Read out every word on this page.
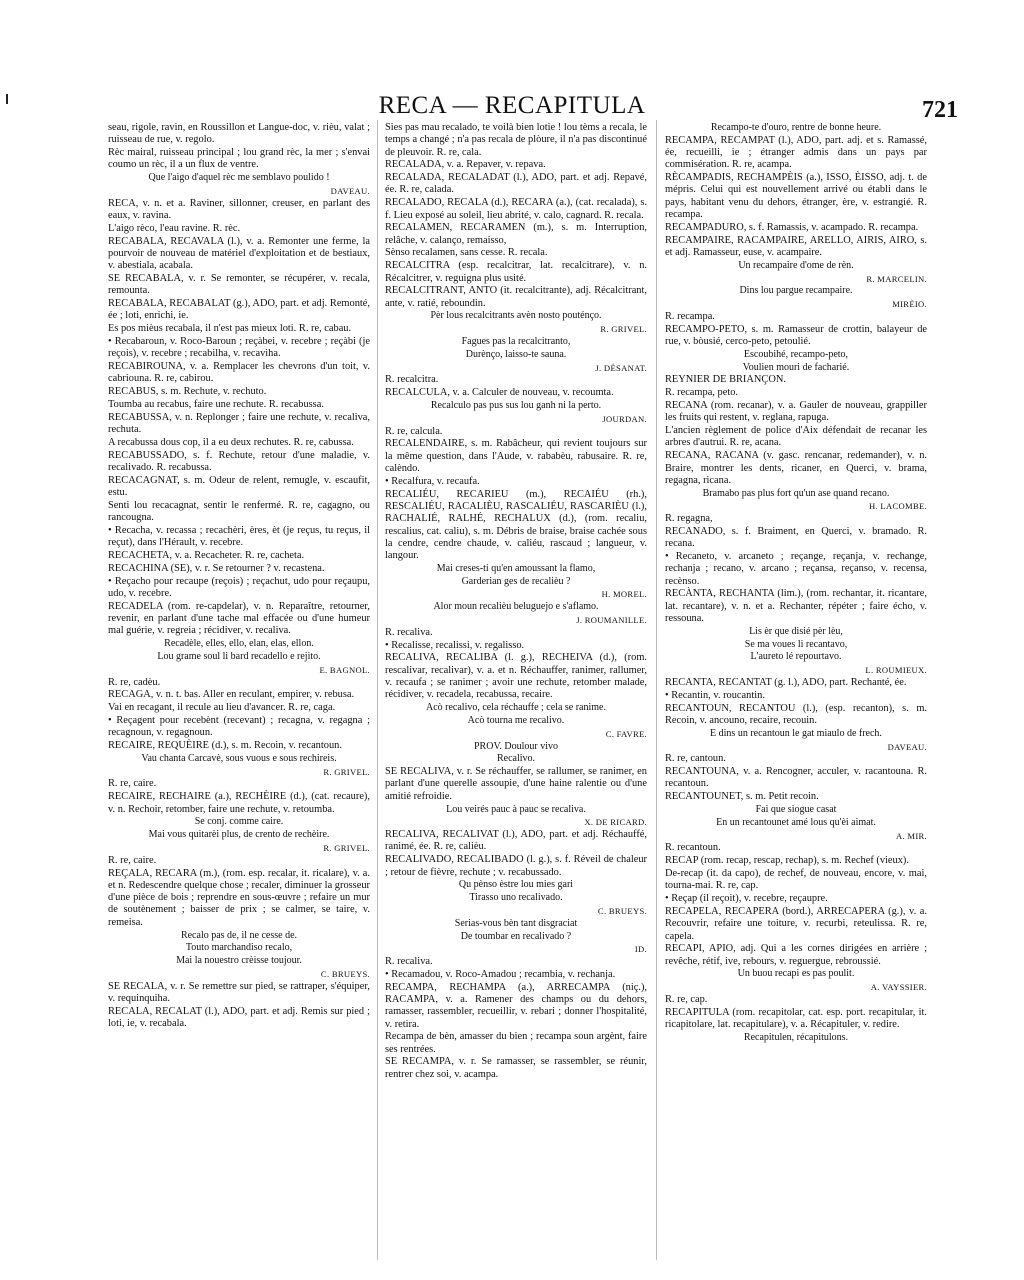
RECA — RECAPITULA	721
seau, rigole, ravin, en Roussillon et Langue-doc, v. rièu, valat ; ruisseau de rue, v. regolo.
Rèc mairal, ruisseau principal ; lou grand rèc, la mer ; s'envai coumo un rèc, il a un flux de ventre.
Que l'aigo d'aquel rèc me semblavo poulido !
DAVEAU.
RECA, v. n. et a. Raviner, sillonner, creuser, en parlant des eaux, v. ravina.
L'aigo rèco, l'eau ravine. R. rèc.
RECABALA, RECAVALA (l.), v. a. Remonter une ferme, la pourvoir de nouveau de matériel d'exploitation et de bestiaux, v. abestiala, acabala.
SE RECABALA, v. r. Se remonter, se récupérer, v. recala, remounta.
RECABALA, RECABALAT (g.), ADO, part. et adj. Remonté, ée ; loti, enrichi, ie.
Es pos mièus recabala, il n'est pas mieux loti. R. re, cabau.
• Recabaroun, v. Roco-Baroun ; reçàbei, v. recebre ; reçàbi (je reçois), v. recebre ; recabilha, v. recaviha.
RECABIROUNA, v. a. Remplacer les chevrons d'un toit, v. cabriouna. R. re, cabirou.
RECABUS, s. m. Rechute, v. rechuto.
Toumba au recabus, faire une rechute. R. recabussa.
RECABUSSA, v. n. Replonger ; faire une rechute, v. recaliva, rechuta.
A recabussa dous cop, il a eu deux rechutes. R. re, cabussa.
RECABUSSADO, s. f. Rechute, retour d'une maladie, v. recalivado. R. recabussa.
RECACAGNAT, s. m. Odeur de relent, remugle, v. escaufit, estu.
Senti lou recacagnat, sentir le renfermé. R. re, cagagno, ou rancougna.
• Recacha, v. recassa ; recachèri, ères, èt (je reçus, tu reçus, il reçut), dans l'Hérault, v. recebre.
RECACHETA, v. a. Recacheter. R. re, cacheta.
RECACHINA (SE), v. r. Se retourner ? v. recastena.
• Reçacho pour recaupe (reçois) ; reçachut, udo pour reçaupu, udo, v. recebre.
RECADELA (rom. re-capdelar), v. n. Reparaître, retourner, revenir, en parlant d'une tache mal effacée ou d'une humeur mal guérie, v. regreia ; récidiver, v. recaliva.
Recadèle, elles, ello, elan, elas, ellon.
Lou grame soul li bard recadello e rejito.
E. BAGNOL.
R. re, cadèu.
RECAGA, v. n. t. bas. Aller en reculant, empirer, v. rebusa.
Vai en recagant, il recule au lieu d'avancer. R. re, caga.
• Reçagent pour recebènt (recevant) ; recagna, v. regagna ; recagnoun, v. regagnoun.
RECAIRE, REQUÈIRE (d.), s. m. Recoin, v. recantoun.
Vau chanta Carcavè, sous vuous e sous rechireis.
R. GRIVEL.
R. re, caire.
RECAIRE, RECHAIRE (a.), RECHÈIRE (d.), (cat. recaure), v. n. Rechoir, retomber, faire une rechute, v. retoumba.
Se conj. comme caire.
Mai vous quitarèi plus, de crento de rechèire.
R. GRIVEL.
R. re, caire.
REÇALA, RECARA (m.), (rom. esp. recalar, it. ricalare), v. a. et n. Redescendre quelque chose ; recaler, diminuer la grosseur d'une pièce de bois ; reprendre en sous-œuvre ; refaire un mur de soutènement ; baisser de prix ; se calmer, se taire, v. remeisa.
Recalo pas de, il ne cesse de.
Touto marchandiso recalo,
Mai la nouestro crèisse toujour.
C. BRUEYS.
SE RECALA, v. r. Se remettre sur pied, se rattraper, s'équiper, v. requinquiha.
RECALA, RECALAT (l.), ADO, part. et adj. Remis sur pied ; loti, ie, v. recabala.
Sies pas mau recalado, te voilà bien lotie ! lou tèms a recala, le temps a changé ; n'a pas recala de plòure, il n'a pas discontinué de pleuvoir. R. re, cala.
RECALADA, v. a. Repaver, v. repava.
RECALADA, RECALADAT (l.), ADO, part. et adj. Repavé, ée. R. re, calada.
RECALADO, RECALA (d.), RECARA (a.), (cat. recalada), s. f. Lieu exposé au soleil, lieu abrité, v. calo, cagnard. R. recala.
RECALAMEN, RECARAMEN (m.), s. m. Interruption, relâche, v. calanço, remaisso,
Sènso recalamen, sans cesse. R. recala.
RECALCITRA (esp. recalcitrar, lat. recalcitrare), v. n. Récalcitrer, v. reguigna plus usité.
RECALCITRANT, ANTO (it. recalcitrante), adj. Récalcitrant, ante, v. ratié, reboundin.
Pèr lous recalcitrants avèn nosto pouténço.
R. GRIVEL.
Fagues pas la recalcitranto,
Durènço, laisso-te sauna.
J. DÉSANAT.
R. recalcitra.
RECALCULA, v. a. Calculer de nouveau, v. recoumta.
Recalculo pas pus sus lou ganh ni la perto.
JOURDAN.
R. re, calcula.
RECALENDAIRE, s. m. Rabâcheur, qui revient toujours sur la même question, dans l'Aude, v. rababèu, rabusaire. R. re, calèndo.
• Recalfura, v. recaufa.
RECALIÉU, RECARIEU (m.), RECAIÉU (rh.), RESCALIÉU, RACALIÈU, RASCALIÉU, RASCARIÈU (l.), RACHALIÉ, RALHÉ, RECHALUX (d.), (rom. recaliu, rescalius, cat. caliu), s. m. Débris de braise, braise cachée sous la cendre, cendre chaude, v. caliéu, rascaud ; langueur, v. langour.
Mai creses-ti qu'en amoussant la flamo,
Garderian ges de recalièu ?
H. MOREL.
Alor moun recalièu beluguejo e s'aflamo.
J. ROUMANILLE.
R. recaliva.
• Recalisse, recalissi, v. regalisso.
RECALIVA, RECALIBA (l. g.), RECHEIVA (d.), (rom. rescalivar, recalivar), v. a. et n. Réchauffer, ranimer, rallumer, v. recaufa ; se ranimer ; avoir une rechute, retomber malade, récidiver, v. recadela, recabussa, recaire.
Acò recalivo, cela réchauffe ; cela se ranime.
Acò tourna me recalivo.
C. FAVRE.
PROV. Doulour vivo
Recalivo.
SE RECALIVA, v. r. Se réchauffer, se rallumer, se ranimer, en parlant d'une querelle assoupie, d'une haine ralentie ou d'une amitié refroidie.
Lou veirés pauc à pauc se recaliva.
X. DE RICARD.
RECALIVA, RECALIVAT (l.), ADO, part. et adj. Réchauffé, ranimé, ée. R. re, calièu.
RECALIVADO, RECALIBADO (l. g.), s. f. Réveil de chaleur ; retour de fièvre, rechute ; v. recabussado.
Qu pènso èstre lou mies gari
Tirasso uno recalivado.
C. BRUEYS.
Serias-vous bèn tant disgraciat
De toumbar en recalivado ?
ID.
R. recaliva.
• Recamadou, v. Roco-Amadou ; recambia, v. rechanja.
RECAMPA, RECHAMPA (a.), ARRECAMPA (niç.), RACAMPA, v. a. Ramener des champs ou du dehors, ramasser, rassembler, recueillir, v. rebari ; donner l'hospitalité, v. retira.
Recampa de bèn, amasser du bien ; recampa soun argènt, faire ses rentrées.
SE RECAMPA, v. r. Se ramasser, se rassembler, se réunir, rentrer chez soi, v. acampa.
Recampo-te d'ouro, rentre de bonne heure.
RECAMPA, RECAMPAT (l.), ADO, part. adj. et s. Ramassé, ée, recueilli, ie ; étranger admis dans un pays par commisération. R. re, acampa.
RÈCAMPADIS, RECHAMPÈIS (a.), ISSO, ÈISSO, adj. t. de mépris. Celui qui est nouvellement arrivé ou établi dans le pays, habitant venu du dehors, étranger, ère, v. estrangié. R. recampa.
RECAMPADURO, s. f. Ramassis, v. acampado. R. recampa.
RECAMPAIRE, RACAMPAIRE, ARELLO, AIRIS, AIRO, s. et adj. Ramasseur, euse, v. acampaire.
Un recampaire d'ome de rèn.
R. MARCELIN.
Dins lou pargue recampaire.
MIRÈIO.
R. recampa.
RECAMPO-PETO, s. m. Ramasseur de crottin, balayeur de rue, v. bòusié, cerco-peto, petoulié.
Escoubihé, recampo-peto,
Voulien mouri de facharié.
REYNIER DE BRIANÇON.
R. recampa, peto.
RECANA (rom. recanar), v. a. Gauler de nouveau, grappiller les fruits qui restent, v. reglana, rapuga.
L'ancien règlement de police d'Aix défendait de recanar les arbres d'autrui. R. re, acana.
RECANA, RACANA (v. gasc. rencanar, redemander), v. n. Braire, montrer les dents, ricaner, en Querci, v. brama, regagna, ricana.
Bramabo pas plus fort qu'un ase quand recano.
H. LACOMBE.
R. regagna,
RECANADO, s. f. Braiment, en Querci, v. bramado. R. recana.
• Recaneto, v. arcaneto ; reçange, reçanja, v. rechange, rechanja ; recano, v. arcano ; reçansa, reçanso, v. recensa, recènso.
RECÀNTA, RECHANTA (lim.), (rom. rechantar, it. ricantare, lat. recantare), v. n. et a. Rechanter, répéter ; faire écho, v. ressouna.
Lis èr que disié pèr lèu,
Se ma voues li recantavo,
L'aureto lé repourtavo.
L. ROUMIEUX.
RECANTA, RECANTAT (g. l.), ADO, part. Rechanté, ée.
• Recantin, v. roucantin.
RECANTOUN, RECANTOU (l.), (esp. recanton), s. m. Recoin, v. ancouno, recaire, recouin.
E dins un recantoun le gat miaulo de frech.
DAVEAU.
R. re, cantoun.
RECANTOUNA, v. a. Rencogner, acculer, v. racantouna. R. recantoun.
RECANTOUNET, s. m. Petit recoin.
Fai que siogue casat
En un recantounet amé lous qu'èi aimat.
A. MIR.
R. recantoun.
RECAP (rom. recap, rescap, rechap), s. m. Rechef (vieux).
De-recap (it. da capo), de rechef, de nouveau, encore, v. mai, tourna-mai. R. re, cap.
• Reçap (il reçoit), v. recebre, reçaupre.
RECAPELA, RECAPERA (bord.), ARRECAPERA (g.), v. a. Recouvrir, refaire une toiture, v. recurbi, reteulissa. R. re, capela.
RECAPI, APIO, adj. Qui a les cornes dirigées en arrière ; revêche, rétif, ive, rebours, v. reguergue, rebroussié.
Un buou recapi es pas poulit.
A. VAYSSIER.
R. re, cap.
RECAPITULA (rom. recapitolar, cat. esp. port. recapitular, it. ricapitolare, lat. recapitulare), v. a. Récapituler, v. redire.
Recapitulen, récapitulons.
